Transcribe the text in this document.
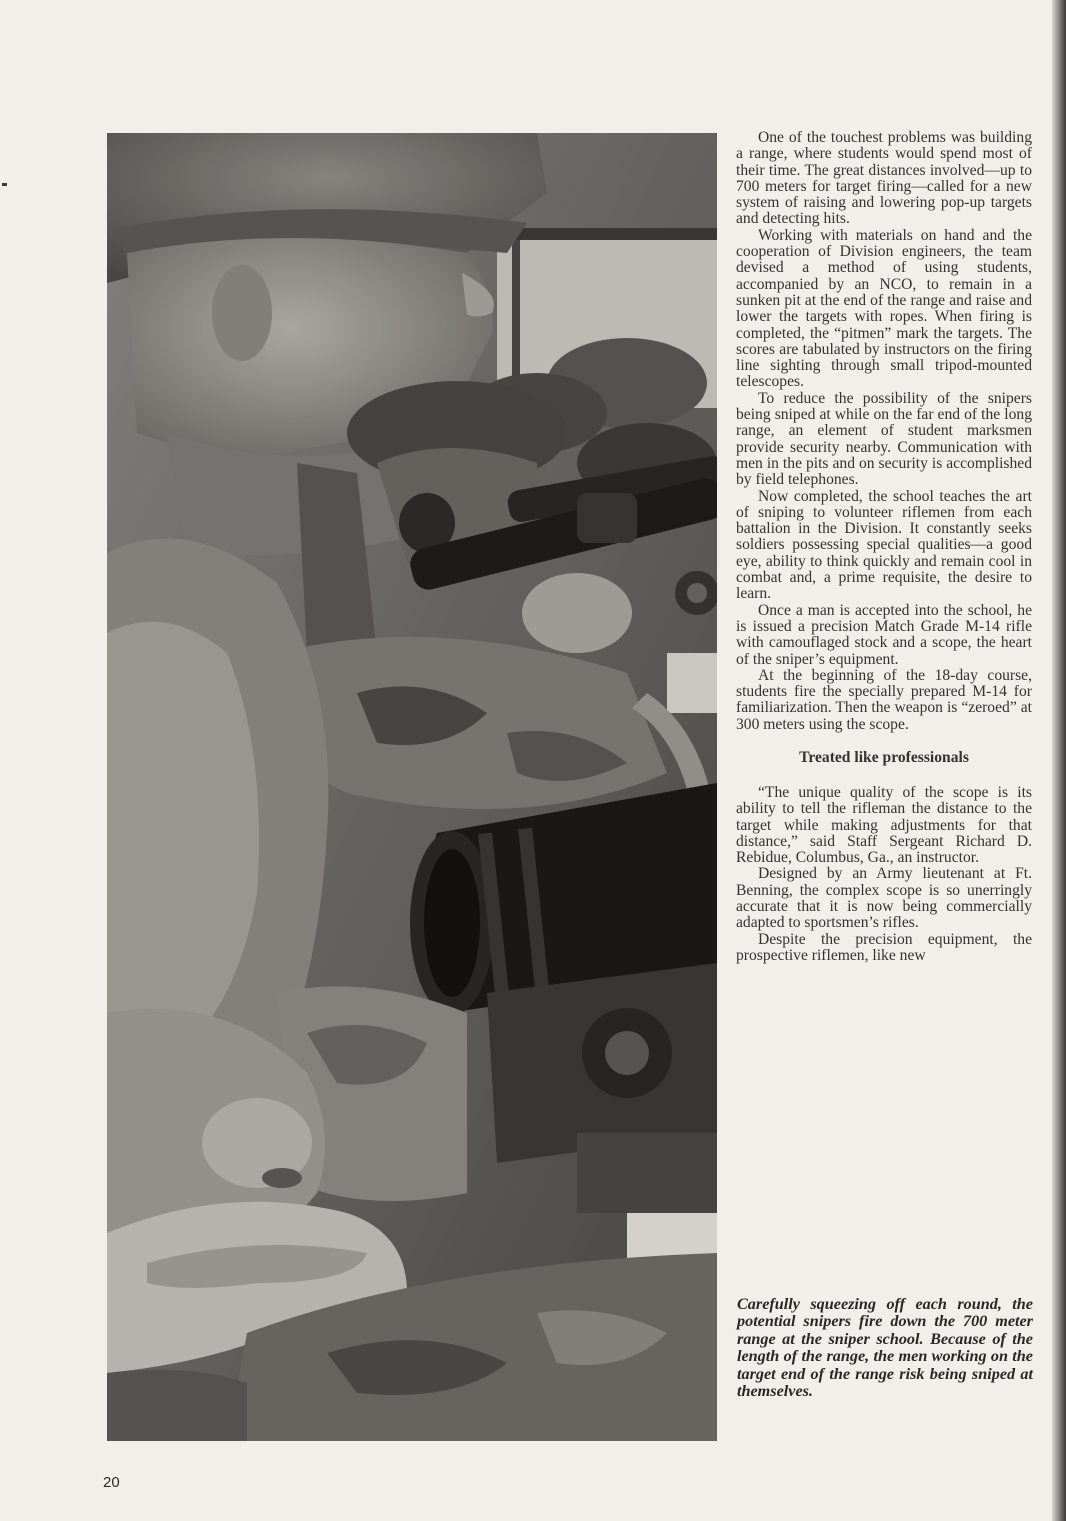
One of the touchest problems was building a range, where students would spend most of their time. The great distances involved—up to 700 meters for target firing—called for a new system of raising and lowering pop-up targets and detecting hits.

Working with materials on hand and the cooperation of Division engineers, the team devised a method of using students, accompanied by an NCO, to remain in a sunken pit at the end of the range and raise and lower the targets with ropes. When firing is completed, the “pitmen” mark the targets. The scores are tabulated by instructors on the firing line sighting through small tripod-mounted telescopes.

To reduce the possibility of the snipers being sniped at while on the far end of the long range, an element of student marksmen provide security nearby. Communication with men in the pits and on security is accomplished by field telephones.

Now completed, the school teaches the art of sniping to volunteer riflemen from each battalion in the Division. It constantly seeks soldiers possessing special qualities—a good eye, ability to think quickly and remain cool in combat and, a prime requisite, the desire to learn.

Once a man is accepted into the school, he is issued a precision Match Grade M-14 rifle with camouflaged stock and a scope, the heart of the sniper’s equipment.

At the beginning of the 18-day course, students fire the specially prepared M-14 for familiarization. Then the weapon is “zeroed” at 300 meters using the scope.

Treated like professionals

“The unique quality of the scope is its ability to tell the rifleman the distance to the target while making adjustments for that distance,” said Staff Sergeant Richard D. Rebidue, Columbus, Ga., an instructor.

Designed by an Army lieutenant at Ft. Benning, the complex scope is so unerringly accurate that it is now being commercially adapted to sportsmen’s rifles.

Despite the precision equipment, the prospective riflemen, like new

Carefully squeezing off each round, the potential snipers fire down the 700 meter range at the sniper school. Because of the length of the range, the men working on the target end of the range risk being sniped at themselves.

20
